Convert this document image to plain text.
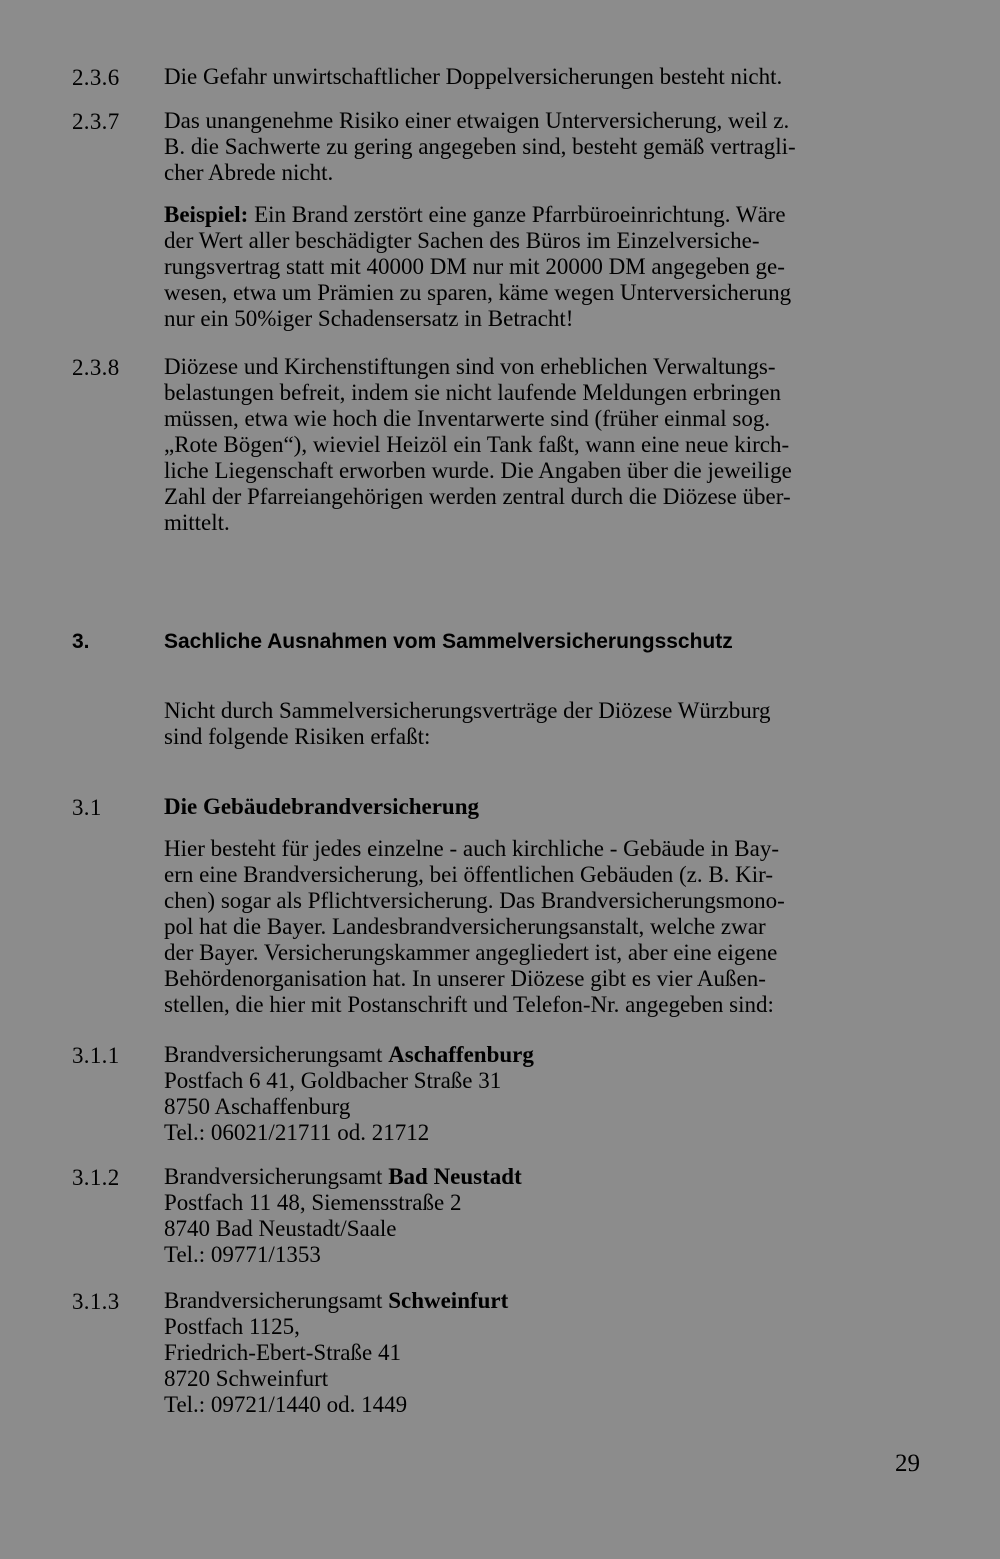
2.3.6 Die Gefahr unwirtschaftlicher Doppelversicherungen besteht nicht.
2.3.7 Das unangenehme Risiko einer etwaigen Unterversicherung, weil z.
B. die Sachwerte zu gering angegeben sind, besteht gemäß vertragli-
cher Abrede nicht.
Beispiel: Ein Brand zerstört eine ganze Pfarrbüroeinrichtung. Wäre
der Wert aller beschädigter Sachen des Büros im Einzelversiche-
rungsvertrag statt mit 40000 DM nur mit 20000 DM angegeben ge-
wesen, etwa um Prämien zu sparen, käme wegen Unterversicherung
nur ein 50%iger Schadensersatz in Betracht!
2.3.8 Diözese und Kirchenstiftungen sind von erheblichen Verwaltungs-
belastungen befreit, indem sie nicht laufende Meldungen erbringen
müssen, etwa wie hoch die Inventarwerte sind (früher einmal sog.
„Rote Bögen“), wieviel Heizöl ein Tank faßt, wann eine neue kirch-
liche Liegenschaft erworben wurde. Die Angaben über die jeweilige
Zahl der Pfarreiangehörigen werden zentral durch die Diözese über-
mittelt.
3.	Sachliche Ausnahmen vom Sammelversicherungsschutz
Nicht durch Sammelversicherungsverträge der Diözese Würzburg
sind folgende Risiken erfaßt:
3.1	Die Gebäudebrandversicherung
Hier besteht für jedes einzelne - auch kirchliche - Gebäude in Bay-
ern eine Brandversicherung, bei öffentlichen Gebäuden (z. B. Kir-
chen) sogar als Pflichtversicherung. Das Brandversicherungsmono-
pol hat die Bayer. Landesbrandversicherungsanstalt, welche zwar
der Bayer. Versicherungskammer angegliedert ist, aber eine eigene
Behördenorganisation hat. In unserer Diözese gibt es vier Außen-
stellen, die hier mit Postanschrift und Telefon-Nr. angegeben sind:
3.1.1 Brandversicherungsamt Aschaffenburg
Postfach 6 41, Goldbacher Straße 31
8750 Aschaffenburg
Tel.: 06021/21711 od. 21712
3.1.2 Brandversicherungsamt Bad Neustadt
Postfach 11 48, Siemensstraße 2
8740 Bad Neustadt/Saale
Tel.: 09771/1353
3.1.3 Brandversicherungsamt Schweinfurt
Postfach 1125,
Friedrich-Ebert-Straße 41
8720 Schweinfurt
Tel.: 09721/1440 od. 1449
29
